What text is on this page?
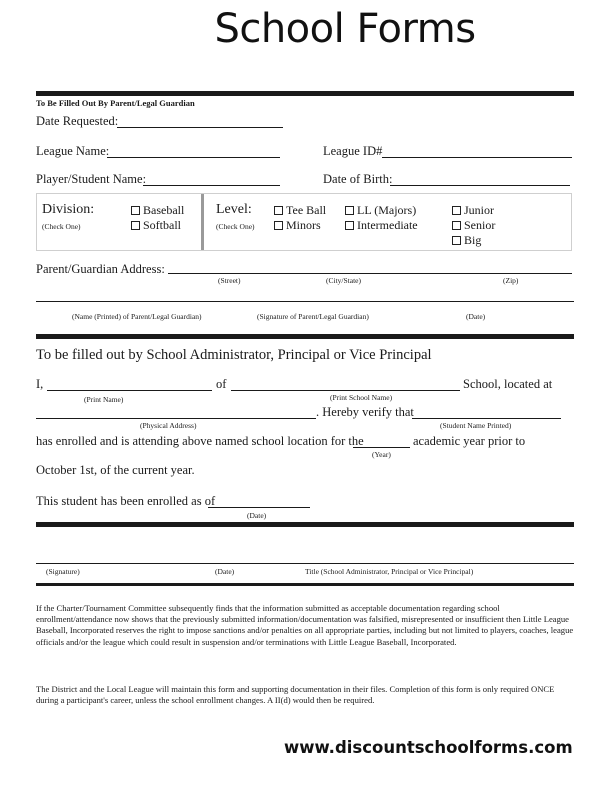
School Forms
To Be Filled Out By Parent/Legal Guardian
Date Requested:
League Name:	League ID#
Player/Student Name:	Date of Birth:
Division:
(Check One)
Baseball
Softball
Level:
(Check One)
Tee Ball
Minors
LL (Majors)
Intermediate
Junior
Senior
Big
Parent/Guardian Address:
(Street)	(City/State)	(Zip)
(Name (Printed) of Parent/Legal Guardian)	(Signature of Parent/Legal Guardian)	(Date)
To be filled out by School Administrator, Principal or Vice Principal
I,	of	School, located at
(Print Name)	(Print School Name)
. Hereby verify that
(Physical Address)	(Student Name Printed)
has enrolled and is attending above named school location for the	academic year prior to
(Year)
October 1st, of the current year.
This student has been enrolled as of
(Date)
(Signature)	(Date)	Title (School Administrator, Principal or Vice Principal)
If the Charter/Tournament Committee subsequently finds that the information submitted as acceptable documentation regarding school enrollment/attendance now shows that the previously submitted information/documentation was falsified, misrepresented or insufficient then Little League Baseball, Incorporated reserves the right to impose sanctions and/or penalties on all appropriate parties, including but not limited to players, coaches, league officials and/or the league which could result in suspension and/or terminations with Little League Baseball, Incorporated.
The District and the Local League will maintain this form and supporting documentation in their files. Completion of this form is only required ONCE during a participant's career, unless the school enrollment changes. A II(d) would then be required.
www.discountschoolforms.com
